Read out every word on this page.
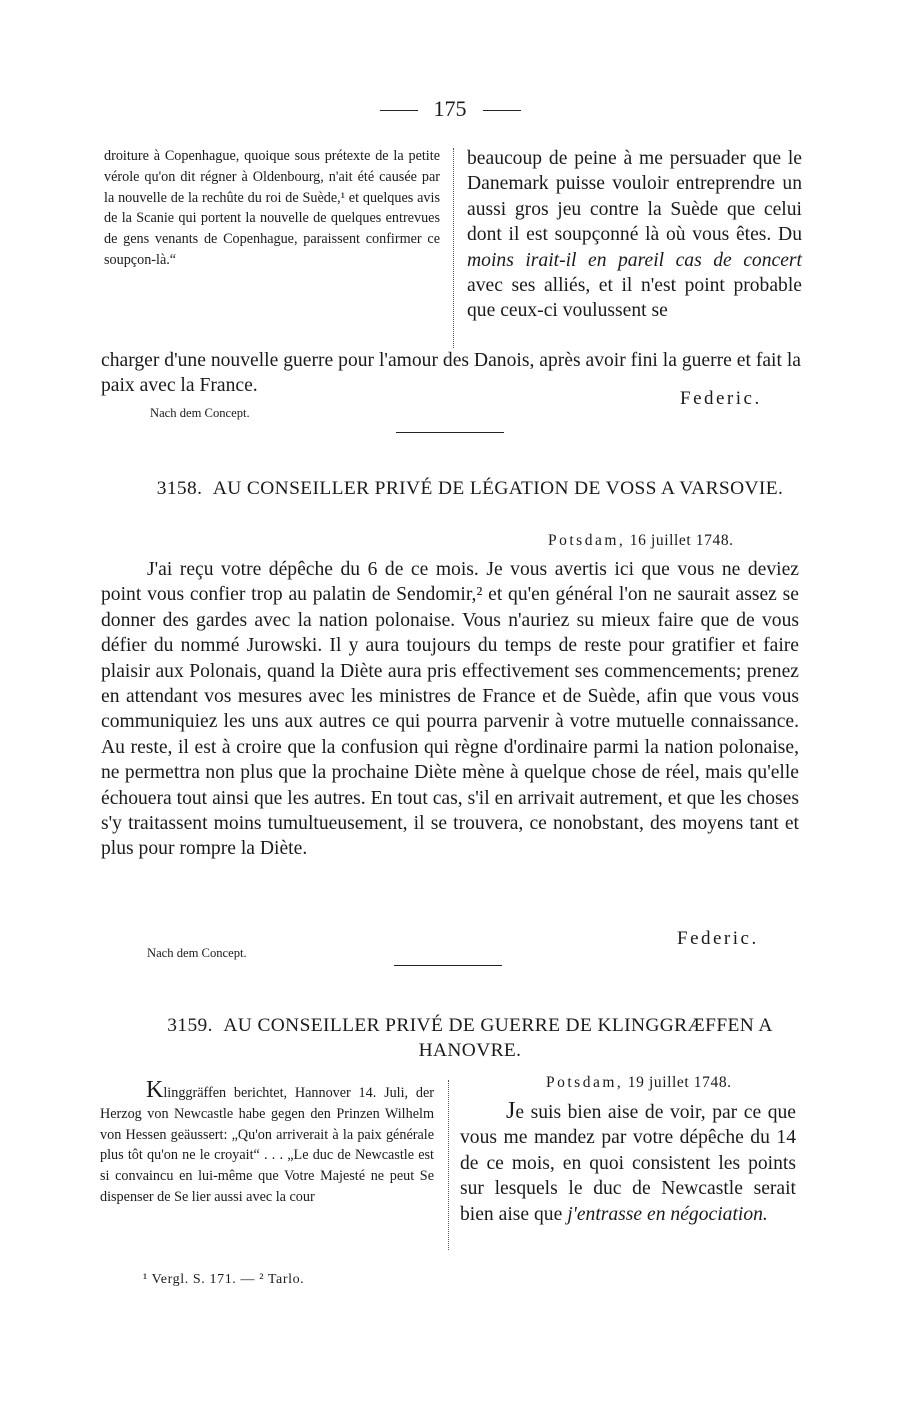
175
droiture à Copenhague, quoique sous prétexte de la petite vérole qu'on dit régner à Oldenbourg, n'ait été causée par la nouvelle de la rechûte du roi de Suède,¹ et quelques avis de la Scanie qui portent la nouvelle de quelques entrevues de gens venants de Copenhague, paraissent confirmer ce soupçon-là.“
beaucoup de peine à me persuader que le Danemark puisse vouloir entreprendre un aussi gros jeu contre la Suède que celui dont il est soupçonné là où vous êtes. Du moins irait-il en pareil cas de concert avec ses alliés, et il n'est point probable que ceux-ci voulussent se
charger d'une nouvelle guerre pour l'amour des Danois, après avoir fini la guerre et fait la paix avec la France.
Federic.
Nach dem Concept.
3158. AU CONSEILLER PRIVÉ DE LÉGATION DE VOSS A VARSOVIE.
Potsdam, 16 juillet 1748.
J'ai reçu votre dépêche du 6 de ce mois. Je vous avertis ici que vous ne deviez point vous confier trop au palatin de Sendomir,² et qu'en général l'on ne saurait assez se donner des gardes avec la nation polonaise. Vous n'auriez su mieux faire que de vous défier du nommé Jurowski. Il y aura toujours du temps de reste pour gratifier et faire plaisir aux Polonais, quand la Diète aura pris effectivement ses commencements; prenez en attendant vos mesures avec les ministres de France et de Suède, afin que vous vous communiquiez les uns aux autres ce qui pourra parvenir à votre mutuelle connaissance. Au reste, il est à croire que la confusion qui règne d'ordinaire parmi la nation polonaise, ne permettra non plus que la prochaine Diète mène à quelque chose de réel, mais qu'elle échouera tout ainsi que les autres. En tout cas, s'il en arrivait autrement, et que les choses s'y traitassent moins tumultueusement, il se trouvera, ce nonobstant, des moyens tant et plus pour rompre la Diète.
Federic.
Nach dem Concept.
3159. AU CONSEILLER PRIVÉ DE GUERRE DE KLINGGRÆFFEN A HANOVRE.
Klinggräffen berichtet, Hannover 14. Juli, der Herzog von Newcastle habe gegen den Prinzen Wilhelm von Hessen geäussert: „Qu'on arriverait à la paix générale plus tôt qu'on ne le croyait“ . . . „Le duc de Newcastle est si convaincu en lui-même que Votre Majesté ne peut Se dispenser de Se lier aussi avec la cour
Potsdam, 19 juillet 1748.
Je suis bien aise de voir, par ce que vous me mandez par votre dépêche du 14 de ce mois, en quoi consistent les points sur lesquels le duc de Newcastle serait bien aise que j'entrasse en négociation.
¹ Vergl. S. 171. — ² Tarlo.
